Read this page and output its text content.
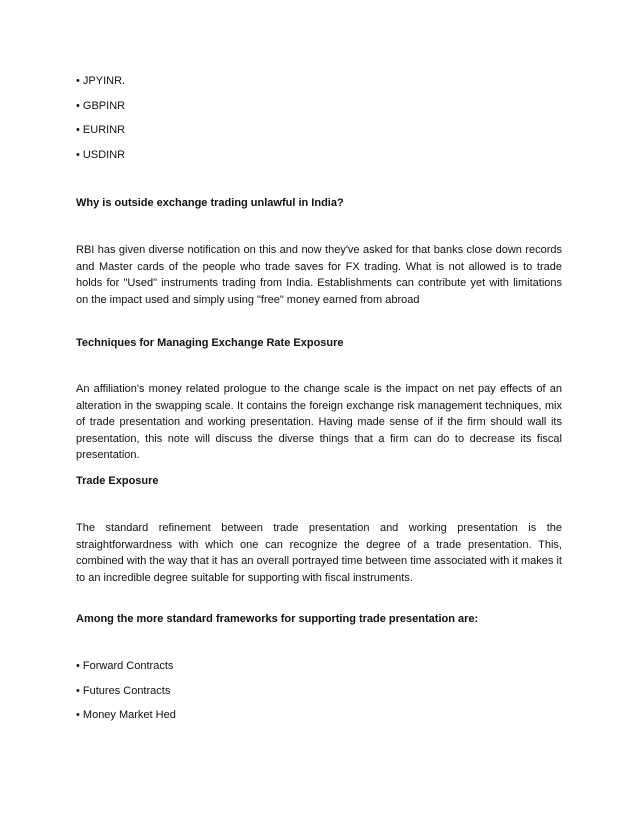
• JPYINR.
• GBPINR
• EURINR
• USDINR
Why is outside exchange trading unlawful in India?
RBI has given diverse notification on this and now they've asked for that banks close down records and Master cards of the people who trade saves for FX trading. What is not allowed is to trade holds for "Used" instruments trading from India. Establishments can contribute yet with limitations on the impact used and simply using "free" money earned from abroad
Techniques for Managing Exchange Rate Exposure
An affiliation's money related prologue to the change scale is the impact on net pay effects of an alteration in the swapping scale. It contains the foreign exchange risk management techniques, mix of trade presentation and working presentation. Having made sense of if the firm should wall its presentation, this note will discuss the diverse things that a firm can do to decrease its fiscal presentation.
Trade Exposure
The standard refinement between trade presentation and working presentation is the straightforwardness with which one can recognize the degree of a trade presentation. This, combined with the way that it has an overall portrayed time between time associated with it makes it to an incredible degree suitable for supporting with fiscal instruments.
Among the more standard frameworks for supporting trade presentation are:
• Forward Contracts
• Futures Contracts
• Money Market Hed
